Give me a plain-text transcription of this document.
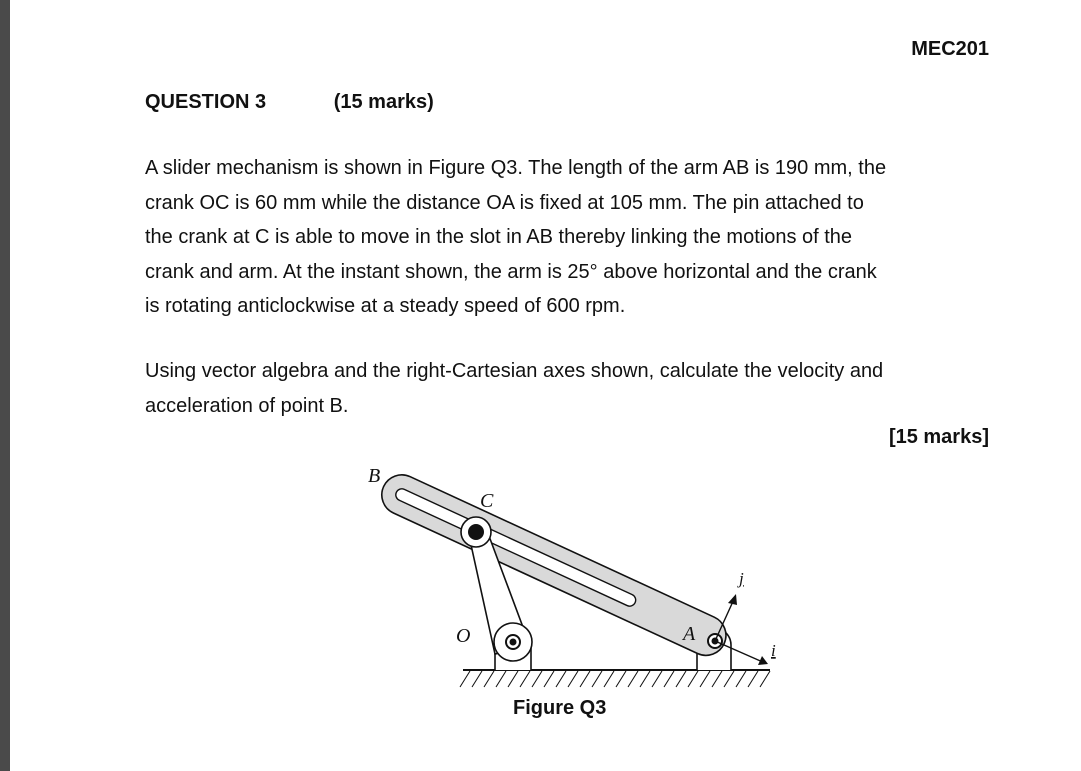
MEC201
QUESTION 3	(15 marks)
A slider mechanism is shown in Figure Q3. The length of the arm AB is 190 mm, the
crank OC is 60 mm while the distance OA is fixed at 105 mm. The pin attached to
the crank at C is able to move in the slot in AB thereby linking the motions of the
crank and arm. At the instant shown, the arm is 25° above horizontal and the crank
is rotating anticlockwise at a steady speed of 600 rpm.
Using vector algebra and the right-Cartesian axes shown, calculate the velocity and
acceleration of point B.
[15 marks]
B
C
O	A
j
i
Figure Q3
